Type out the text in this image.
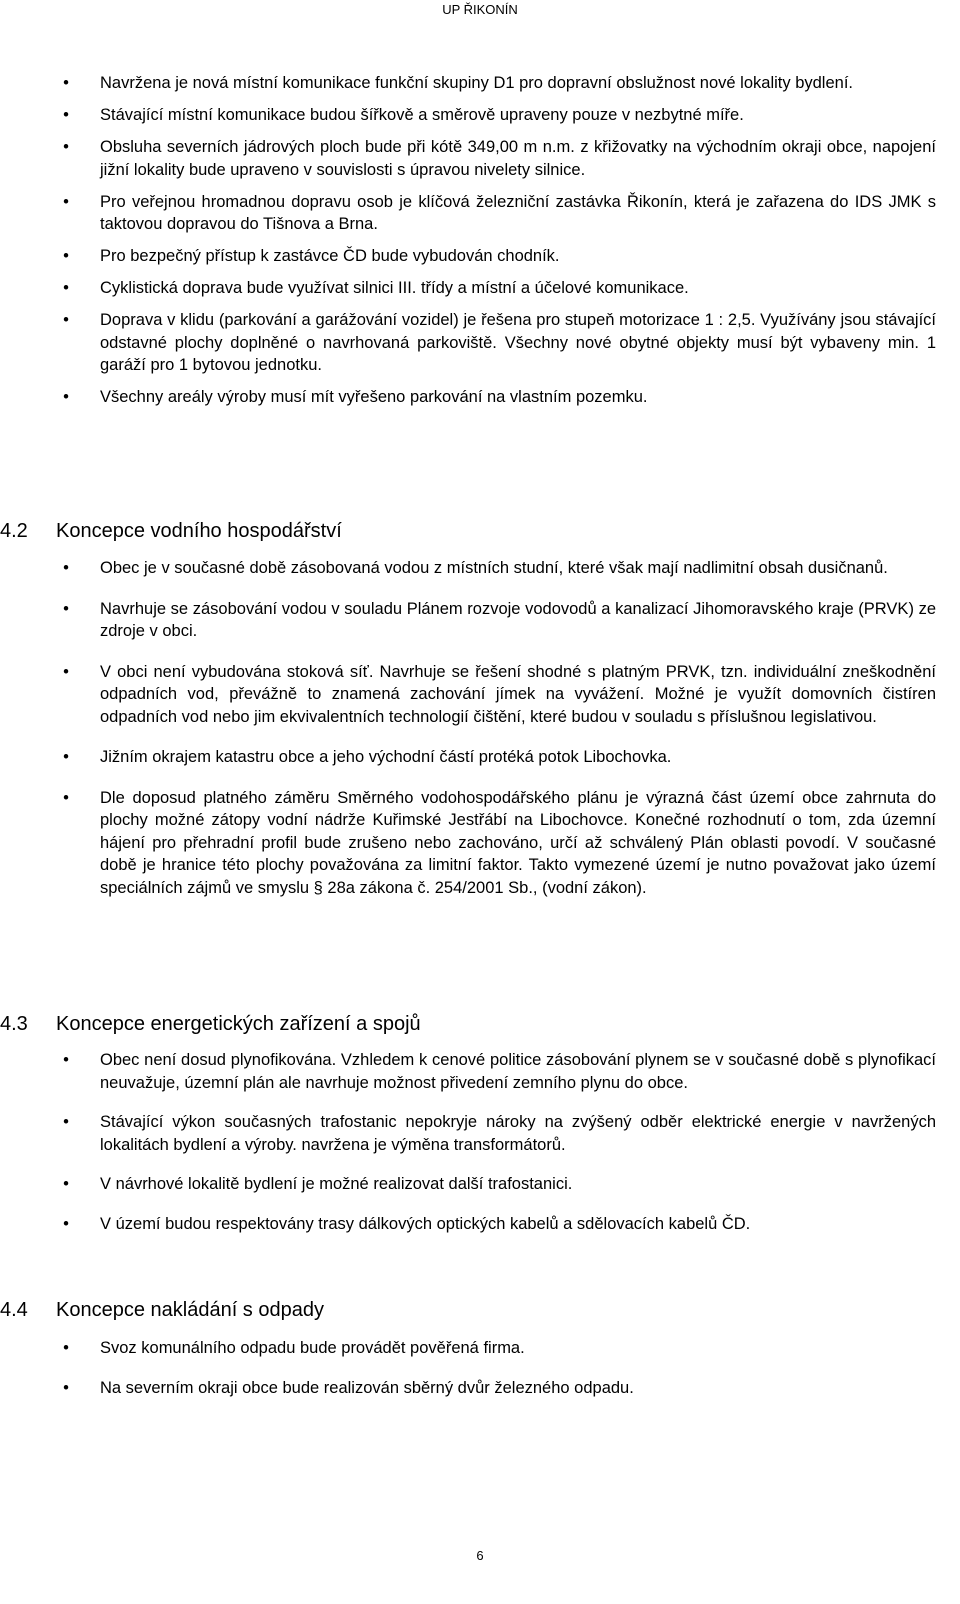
UP ŘIKONÍN
•	Navržena je nová místní komunikace funkční skupiny D1 pro dopravní obslužnost nové lokality bydlení.
•	Stávající místní komunikace budou šířkově a směrově upraveny pouze v nezbytné míře.
•	Obsluha severních jádrových ploch bude při kótě 349,00 m n.m. z křižovatky na východním okraji obce, napojení jižní lokality bude upraveno v souvislosti s úpravou nivelety silnice.
•	Pro veřejnou hromadnou dopravu osob je klíčová železniční zastávka Řikonín, která je zařazena do IDS JMK s taktovou dopravou do Tišnova a Brna.
•	Pro bezpečný přístup k zastávce ČD bude vybudován chodník.
•	Cyklistická doprava bude využívat silnici III. třídy a místní a účelové komunikace.
•	Doprava v klidu (parkování a garážování vozidel) je řešena pro stupeň motorizace 1 : 2,5. Využívány jsou stávající odstavné plochy doplněné o navrhovaná parkoviště. Všechny nové obytné objekty musí být vybaveny min. 1 garáží pro 1 bytovou jednotku.
•	Všechny areály výroby musí mít vyřešeno parkování na vlastním pozemku.
4.2 Koncepce vodního hospodářství
•	Obec je v současné době zásobovaná vodou z místních studní, které však mají nadlimitní obsah dusičnanů.
•	Navrhuje se zásobování vodou v souladu Plánem rozvoje vodovodů a kanalizací Jihomoravského kraje (PRVK) ze zdroje v obci.
•	V obci není vybudována stoková síť. Navrhuje se řešení shodné s platným PRVK, tzn. individuální zneškodnění odpadních vod, převážně to znamená zachování jímek na vyvážení. Možné je využít domovních čistíren odpadních vod nebo jim ekvivalentních technologií čištění, které budou v souladu s příslušnou legislativou.
•	Jižním okrajem katastru obce a jeho východní částí protéká potok Libochovka.
•	Dle doposud platného záměru Směrného vodohospodářského plánu je výrazná část území obce zahrnuta do plochy možné zátopy vodní nádrže Kuřimské Jestřábí na Libochovce. Konečné rozhodnutí o tom, zda územní hájení pro přehradní profil bude zrušeno nebo zachováno, určí až schválený Plán oblasti povodí. V současné době je hranice této plochy považována za limitní faktor. Takto vymezené území je nutno považovat jako území speciálních zájmů ve smyslu § 28a zákona č. 254/2001 Sb., (vodní zákon).
4.3 Koncepce energetických zařízení a spojů
•	Obec není dosud plynofikována. Vzhledem k cenové politice zásobování plynem se v současné době s plynofikací neuvažuje, územní plán ale navrhuje možnost přivedení zemního plynu do obce.
•	Stávající výkon současných trafostanic nepokryje nároky na zvýšený odběr elektrické energie v navržených lokalitách bydlení a výroby. navržena je výměna transformátorů.
•	V návrhové lokalitě bydlení je možné realizovat další trafostanici.
•	V území budou respektovány trasy dálkových optických kabelů a sdělovacích kabelů ČD.
4.4 Koncepce nakládání s odpady
•	Svoz komunálního odpadu bude provádět pověřená firma.
•	Na severním okraji obce bude realizován sběrný dvůr železného odpadu.
6
